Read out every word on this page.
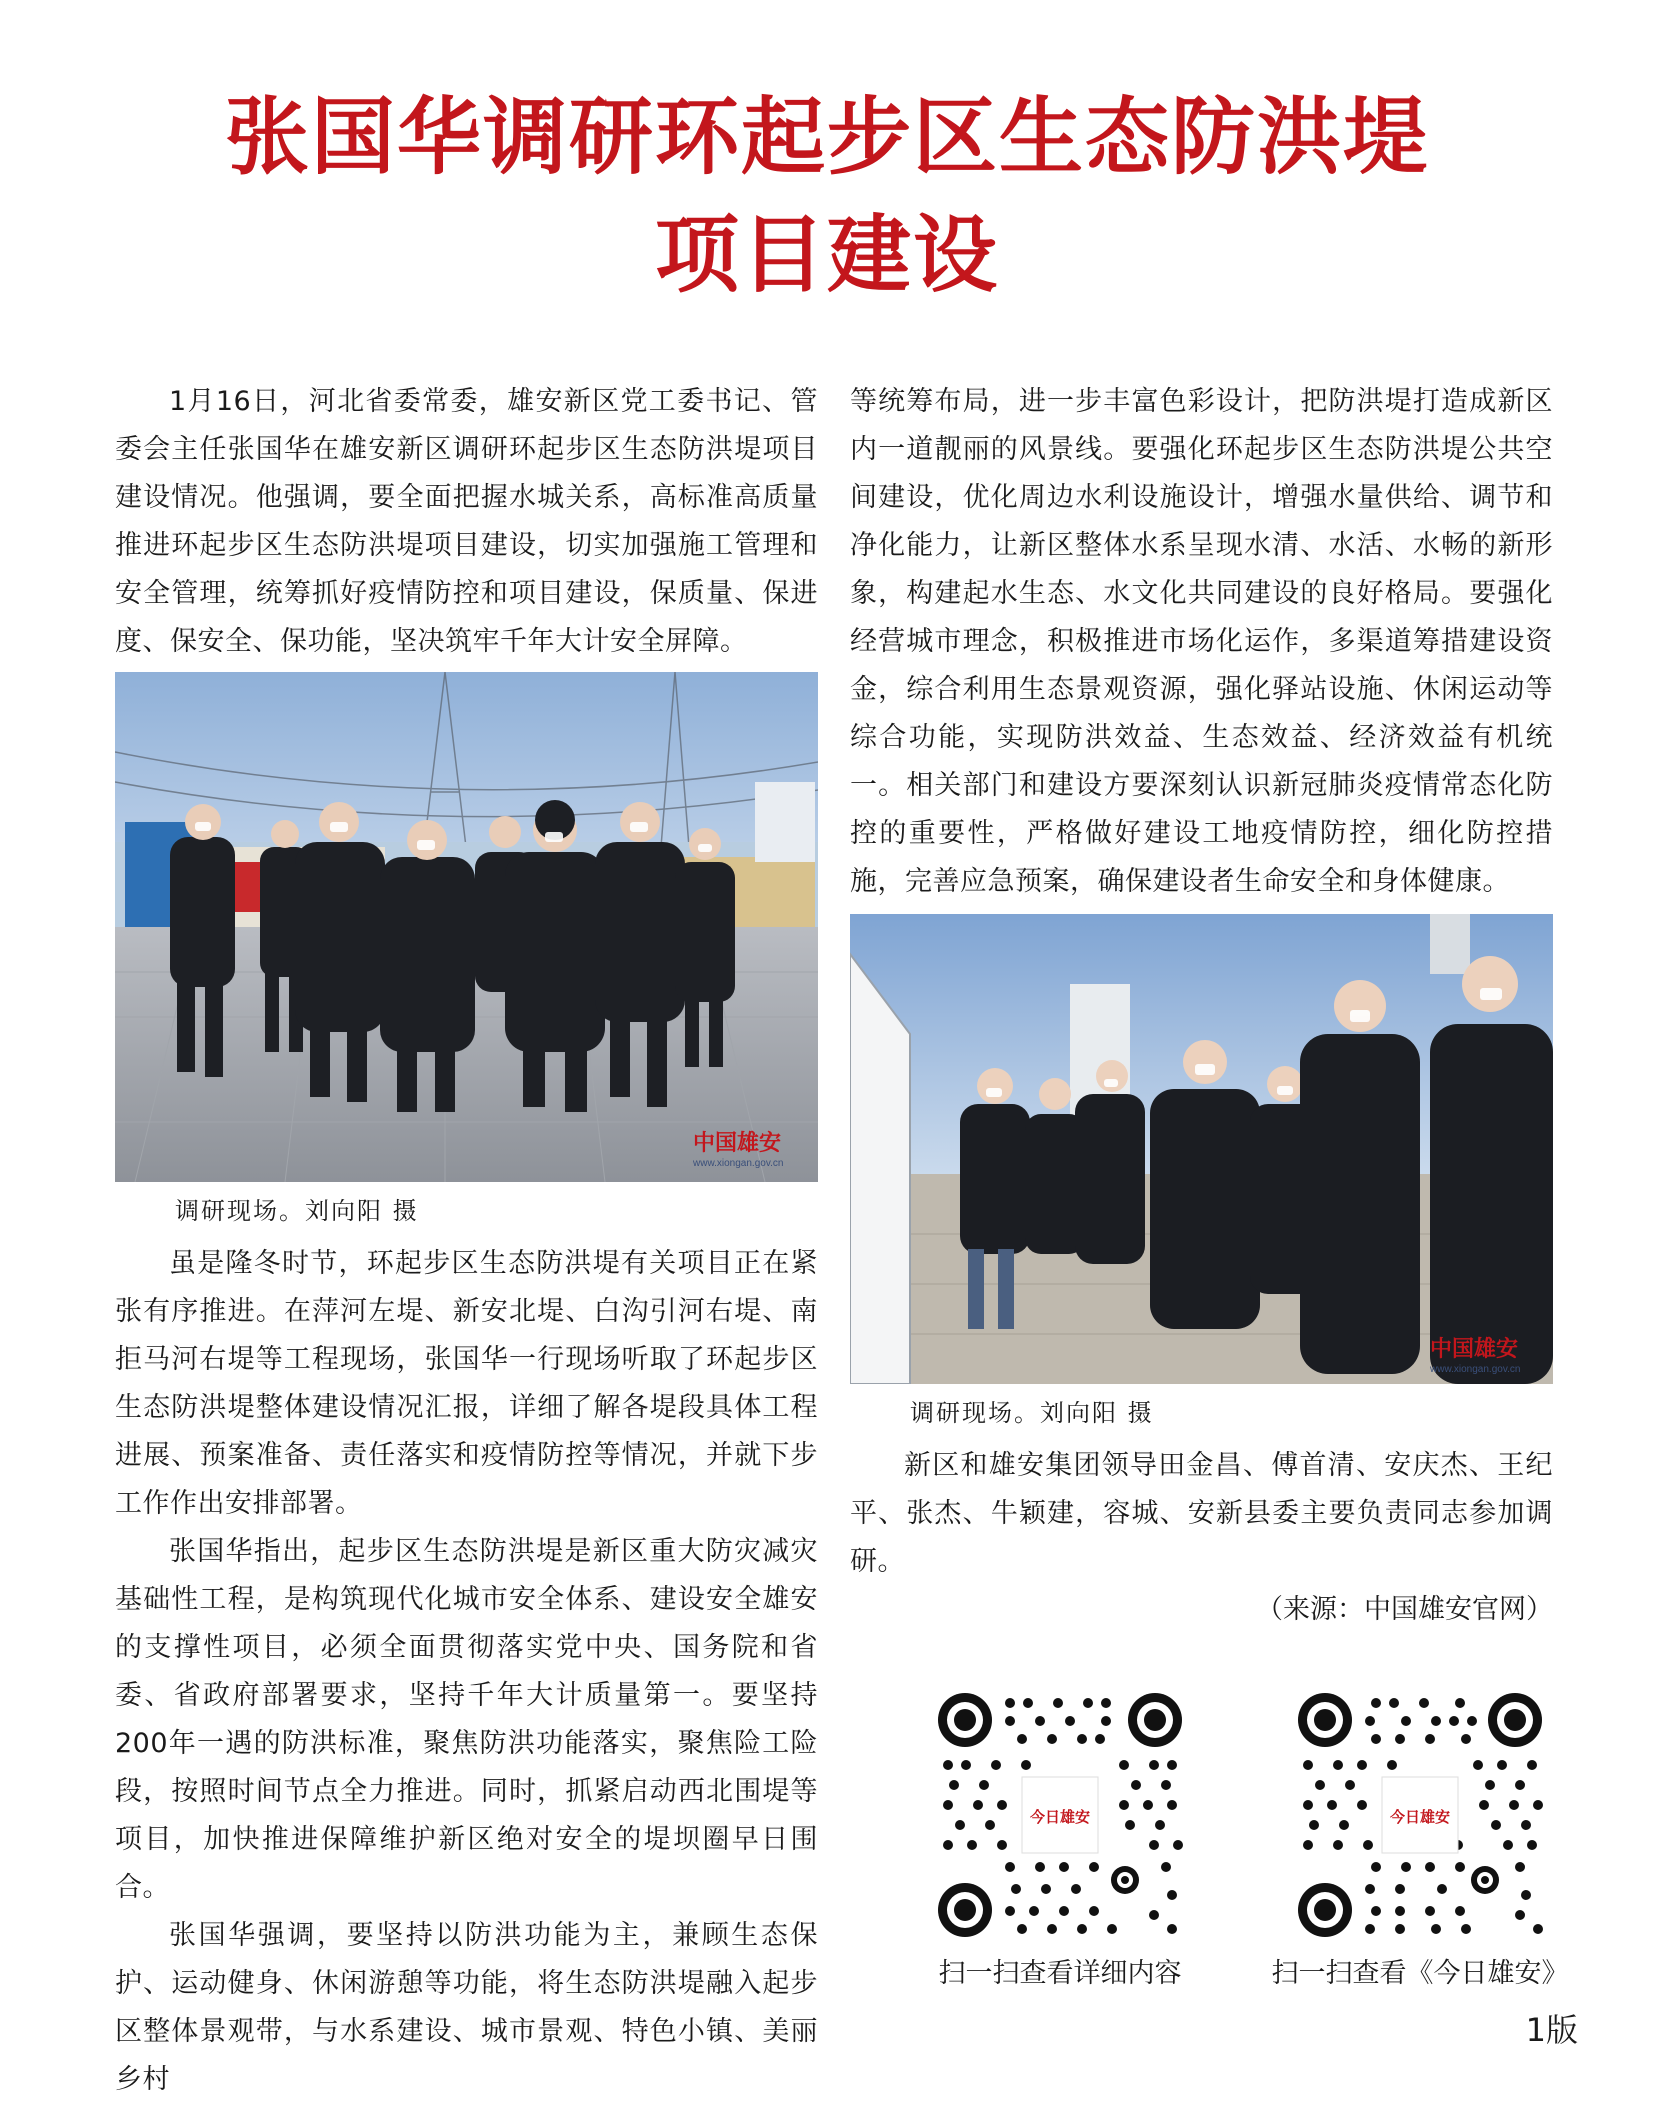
张国华调研环起步区生态防洪堤
项目建设

1月16日，河北省委常委，雄安新区党工委书记、管委会主任张国华在雄安新区调研环起步区生态防洪堤项目建设情况。他强调，要全面把握水城关系，高标准高质量推进环起步区生态防洪堤项目建设，切实加强施工管理和安全管理，统筹抓好疫情防控和项目建设，保质量、保进度、保安全、保功能，坚决筑牢千年大计安全屏障。

中国雄安
www.xiongan.gov.cn

调研现场。刘向阳 摄

虽是隆冬时节，环起步区生态防洪堤有关项目正在紧张有序推进。在萍河左堤、新安北堤、白沟引河右堤、南拒马河右堤等工程现场，张国华一行现场听取了环起步区生态防洪堤整体建设情况汇报，详细了解各堤段具体工程进展、预案准备、责任落实和疫情防控等情况，并就下步工作作出安排部署。

张国华指出，起步区生态防洪堤是新区重大防灾减灾基础性工程，是构筑现代化城市安全体系、建设安全雄安的支撑性项目，必须全面贯彻落实党中央、国务院和省委、省政府部署要求，坚持千年大计质量第一。要坚持200年一遇的防洪标准，聚焦防洪功能落实，聚焦险工险段，按照时间节点全力推进。同时，抓紧启动西北围堤等项目，加快推进保障维护新区绝对安全的堤坝圈早日围合。

张国华强调，要坚持以防洪功能为主，兼顾生态保护、运动健身、休闲游憩等功能，将生态防洪堤融入起步区整体景观带，与水系建设、城市景观、特色小镇、美丽乡村

等统筹布局，进一步丰富色彩设计，把防洪堤打造成新区内一道靓丽的风景线。要强化环起步区生态防洪堤公共空间建设，优化周边水利设施设计，增强水量供给、调节和净化能力，让新区整体水系呈现水清、水活、水畅的新形象，构建起水生态、水文化共同建设的良好格局。要强化经营城市理念，积极推进市场化运作，多渠道筹措建设资金，综合利用生态景观资源，强化驿站设施、休闲运动等综合功能，实现防洪效益、生态效益、经济效益有机统一。相关部门和建设方要深刻认识新冠肺炎疫情常态化防控的重要性，严格做好建设工地疫情防控，细化防控措施，完善应急预案，确保建设者生命安全和身体健康。

中国雄安
www.xiongan.gov.cn

调研现场。刘向阳 摄

新区和雄安集团领导田金昌、傅首清、安庆杰、王纪平、张杰、牛颖建，容城、安新县委主要负责同志参加调研。

（来源：中国雄安官网）

今日雄安
扫一扫查看详细内容
今日雄安
扫一扫查看《今日雄安》
1版
